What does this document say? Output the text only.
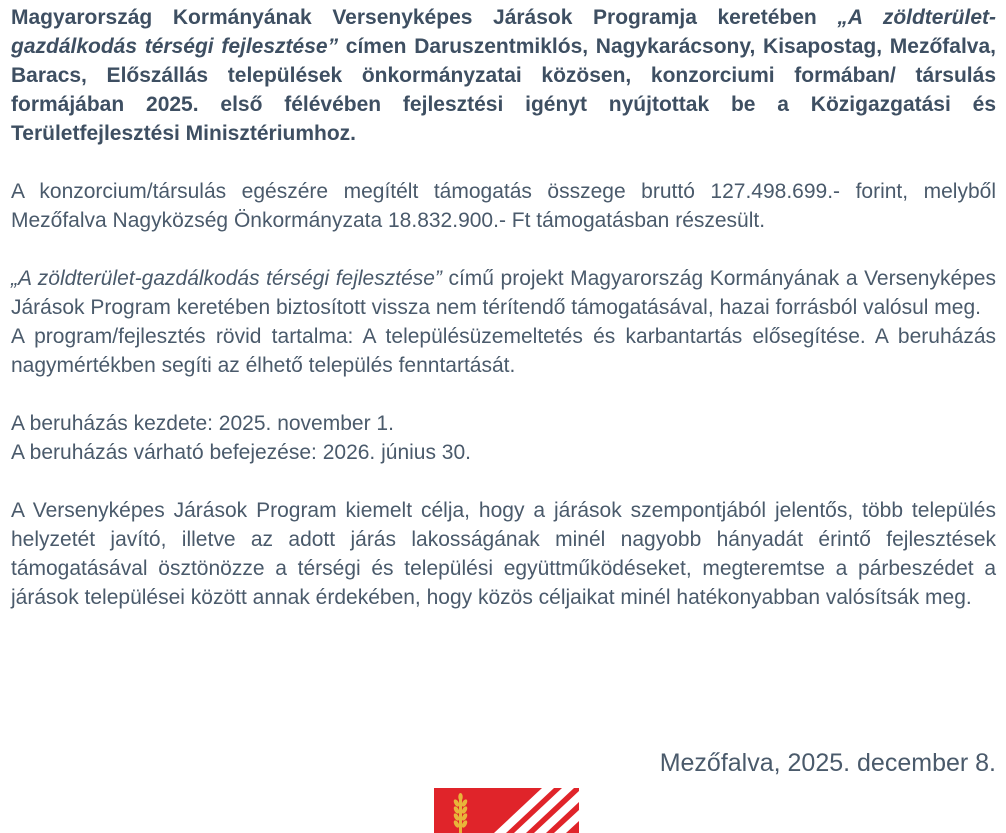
Magyarország Kormányának Versenyképes Járások Programja keretében „A zöldterület-gazdálkodás térségi fejlesztése” címen Daruszentmiklós, Nagykarácsony, Kisapostag, Mezőfalva, Baracs, Előszállás települések önkormányzatai közösen, konzorciumi formában/ társulás formájában 2025. első félévében fejlesztési igényt nyújtottak be a Közigazgatási és Területfejlesztési Minisztériumhoz.

A konzorcium/társulás egészére megítélt támogatás összege bruttó 127.498.699.- forint, melyből Mezőfalva Nagyközség Önkormányzata 18.832.900.- Ft támogatásban részesült.

„A zöldterület-gazdálkodás térségi fejlesztése” című projekt Magyarország Kormányának a Versenyképes Járások Program keretében biztosított vissza nem térítendő támogatásával, hazai forrásból valósul meg.

A program/fejlesztés rövid tartalma: A településüzemeltetés és karbantartás elősegítése. A beruházás nagymértékben segíti az élhető település fenntartását.

A beruházás kezdete: 2025. november 1.

A beruházás várható befejezése: 2026. június 30.

A Versenyképes Járások Program kiemelt célja, hogy a járások szempontjából jelentős, több település helyzetét javító, illetve az adott járás lakosságának minél nagyobb hányadát érintő fejlesztések támogatásával ösztönözze a térségi és települési együttműködéseket, megteremtse a párbeszédet a járások települései között annak érdekében, hogy közös céljaikat minél hatékonyabban valósítsák meg.

Mezőfalva, 2025. december 8.
